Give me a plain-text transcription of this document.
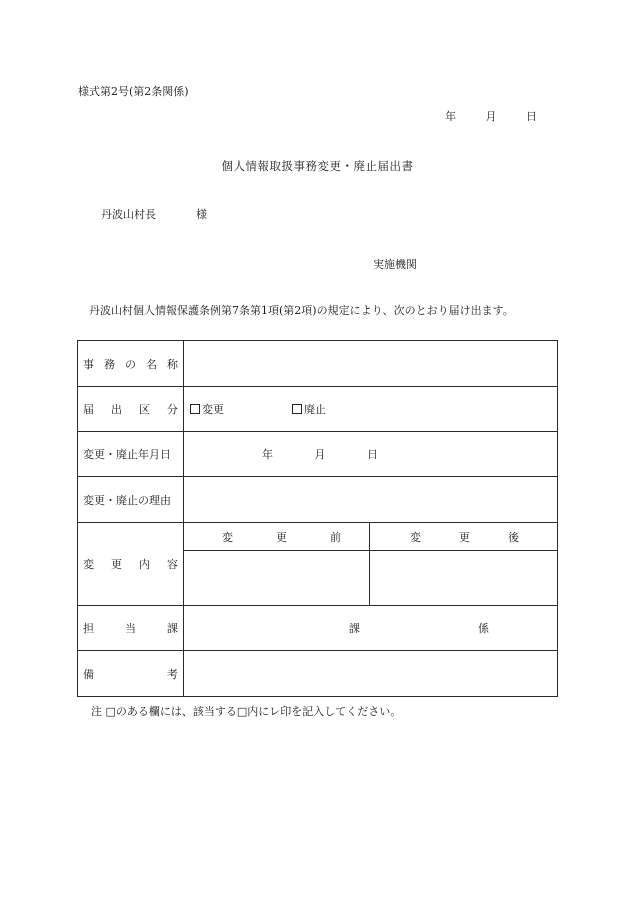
様式第2号(第2条関係)
年	月	日
個人情報取扱事務変更・廃止届出書
丹波山村長	様
実施機関
丹波山村個人情報保護条例第7条第1項(第2項)の規定により、次のとおり届け出ます。
事 務 の 名 称		

届 出 区 分	変更 廃止	

変更・廃止年月日	年 月 日	

変更・廃止の理由		

変 更 内 容	変 更 前	変 更 後

担 当 課	課 係	

備 考		

注 □のある欄には、該当する□内にレ印を記入してください。
